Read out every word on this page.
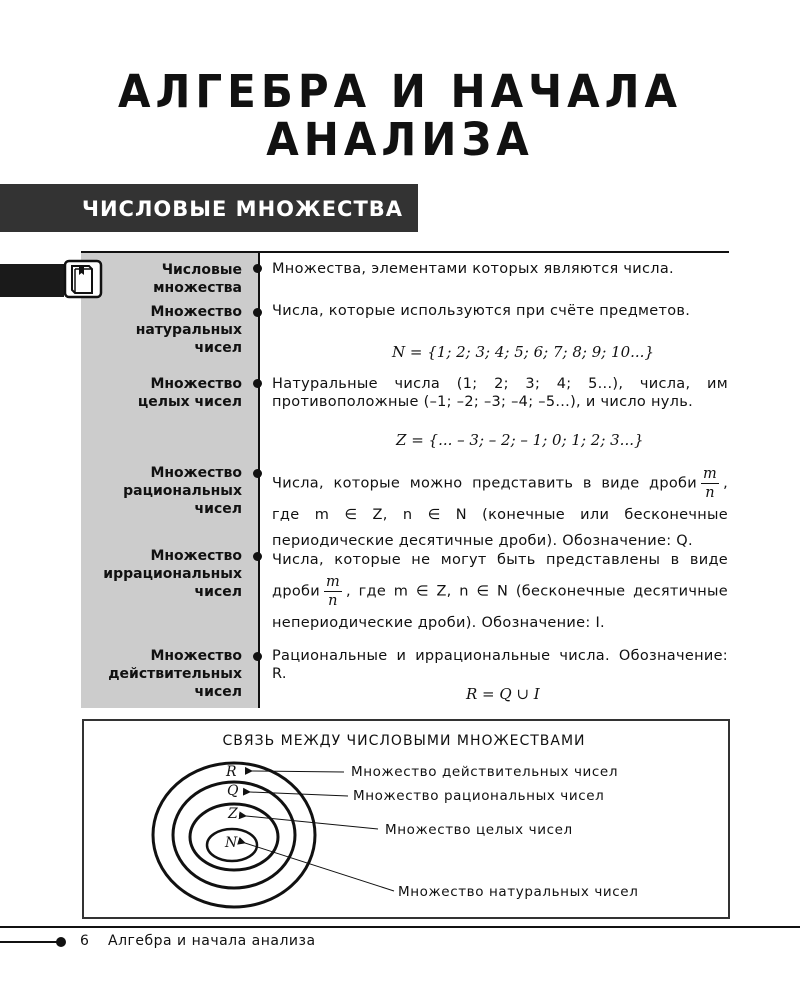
АЛГЕБРА И НАЧАЛА
АНАЛИЗА
ЧИСЛОВЫЕ МНОЖЕСТВА
Числовые
множества
Множества, элементами которых являются числа.
Множество
натуральных
чисел
Числа, которые используются при счёте предметов.
N = {1; 2; 3; 4; 5; 6; 7; 8; 9; 10...}
Множество
целых чисел
Натуральные числа (1; 2; 3; 4; 5...), числа, им противоположные (–1; –2; –3; –4; –5...), и число нуль.
Z = {... – 3; – 2; – 1; 0; 1; 2; 3...}
Множество
рациональных
чисел
Числа, которые можно представить в виде дроби $\frac{m}{n}$ , где m ∈ Z, n ∈ N (конечные или бесконечные периодические десятичные дроби). Обозначение: Q.
Множество
иррациональных
чисел
Числа, которые не могут быть представлены в виде дроби $\frac{m}{n}$ , где m ∈ Z, n ∈ N (бесконечные десятичные непериодические дроби). Обозначение: I.
Множество
действительных
чисел
Рациональные и иррациональные числа. Обозначение: R.
R = Q ∪ I
СВЯЗЬ МЕЖДУ ЧИСЛОВЫМИ МНОЖЕСТВАМИ
R
Q
Z
N
Множество действительных чисел
Множество рациональных чисел
Множество целых чисел
Множество натуральных чисел
6 Алгебра и начала анализа
